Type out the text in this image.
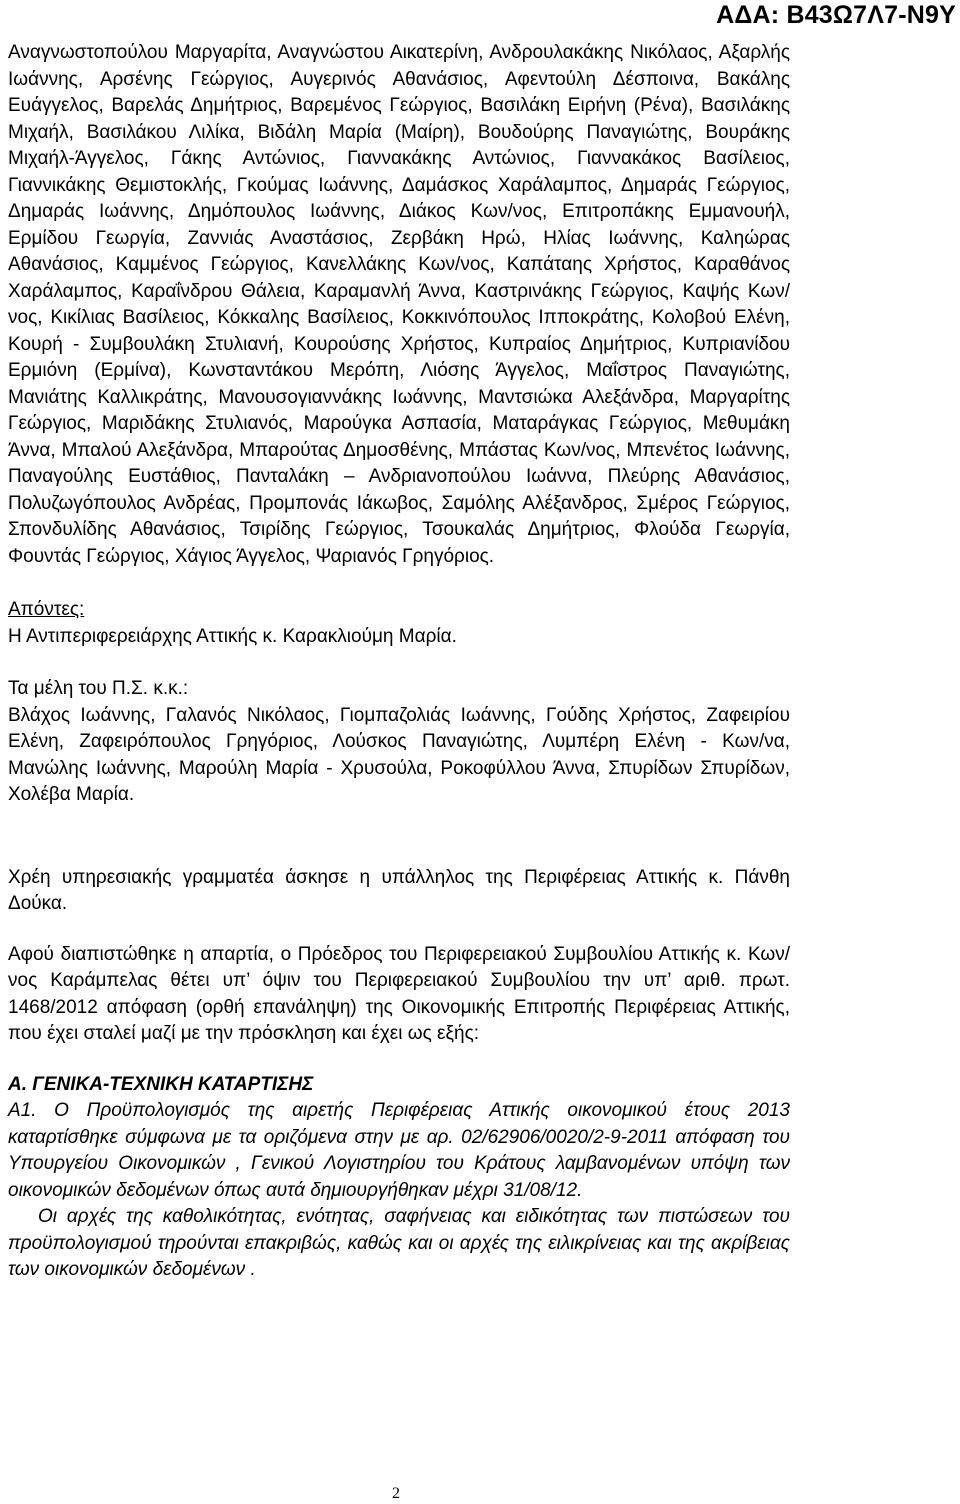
ΑΔΑ: Β43Ω7Λ7-Ν9Υ

Αναγνωστοπούλου Μαργαρίτα, Αναγνώστου Αικατερίνη, Ανδρουλακάκης Νικόλαος, Αξαρλής Ιωάννης, Αρσένης Γεώργιος, Αυγερινός Αθανάσιος, Αφεντούλη Δέσποινα, Βακάλης Ευάγγελος, Βαρελάς Δημήτριος, Βαρεμένος Γεώργιος, Βασιλάκη Ειρήνη (Ρένα), Βασιλάκης Μιχαήλ, Βασιλάκου Λιλίκα, Βιδάλη Μαρία (Μαίρη), Βουδούρης Παναγιώτης, Βουράκης Μιχαήλ-Άγγελος, Γάκης Αντώνιος, Γιαννακάκης Αντώνιος, Γιαννακάκος Βασίλειος, Γιαννικάκης Θεμιστοκλής, Γκούμας Ιωάννης, Δαμάσκος Χαράλαμπος, Δημαράς Γεώργιος, Δημαράς Ιωάννης, Δημόπουλος Ιωάννης, Διάκος Κων/νος, Επιτροπάκης Εμμανουήλ, Ερμίδου Γεωργία, Ζαννιάς Αναστάσιος, Ζερβάκη Ηρώ, Ηλίας Ιωάννης, Καληώρας Αθανάσιος, Καμμένος Γεώργιος, Κανελλάκης Κων/νος, Καπάταης Χρήστος, Καραθάνος Χαράλαμπος, Καραΐνδρου Θάλεια, Καραμανλή Άννα, Καστρινάκης Γεώργιος, Καψής Κων/νος, Κικίλιας Βασίλειος, Κόκκαλης Βασίλειος, Κοκκινόπουλος Ιπποκράτης, Κολοβού Ελένη, Κουρή - Συμβουλάκη Στυλιανή, Κουρούσης Χρήστος, Κυπραίος Δημήτριος, Κυπριανίδου Ερμιόνη (Ερμίνα), Κωνσταντάκου Μερόπη, Λιόσης Άγγελος, Μαΐστρος Παναγιώτης, Μανιάτης Καλλικράτης, Μανουσογιαννάκης Ιωάννης, Μαντσιώκα Αλεξάνδρα, Μαργαρίτης Γεώργιος, Μαριδάκης Στυλιανός, Μαρούγκα Ασπασία, Ματαράγκας Γεώργιος, Μεθυμάκη Άννα, Μπαλού Αλεξάνδρα, Μπαρούτας Δημοσθένης, Μπάστας Κων/νος, Μπενέτος Ιωάννης, Παναγούλης Ευστάθιος, Πανταλάκη – Ανδριανοπούλου Ιωάννα, Πλεύρης Αθανάσιος, Πολυζωγόπουλος Ανδρέας, Προμπονάς Ιάκωβος, Σαμόλης Αλέξανδρος, Σμέρος Γεώργιος, Σπονδυλίδης Αθανάσιος, Τσιρίδης Γεώργιος, Τσουκαλάς Δημήτριος, Φλούδα Γεωργία, Φουντάς Γεώργιος, Χάγιος Άγγελος, Ψαριανός Γρηγόριος.

Απόντες:

Η Αντιπεριφερειάρχης Αττικής κ. Καρακλιούμη Μαρία.

Τα μέλη του Π.Σ. κ.κ.:

Βλάχος Ιωάννης, Γαλανός Νικόλαος, Γιομπαζολιάς Ιωάννης, Γούδης Χρήστος, Ζαφειρίου Ελένη, Ζαφειρόπουλος Γρηγόριος, Λούσκος Παναγιώτης, Λυμπέρη Ελένη - Κων/να, Μανώλης Ιωάννης, Μαρούλη Μαρία - Χρυσούλα, Ροκοφύλλου Άννα, Σπυρίδων Σπυρίδων, Χολέβα Μαρία.

Χρέη υπηρεσιακής γραμματέα άσκησε η υπάλληλος της Περιφέρειας Αττικής κ. Πάνθη Δούκα.

Αφού διαπιστώθηκε η απαρτία, ο Πρόεδρος του Περιφερειακού Συμβουλίου Αττικής κ. Κων/νος Καράμπελας θέτει υπ’ όψιν του Περιφερειακού Συμβουλίου την υπ’ αριθ. πρωτ. 1468/2012 απόφαση (ορθή επανάληψη) της Οικονομικής Επιτροπής Περιφέρειας Αττικής, που έχει σταλεί μαζί με την πρόσκληση και έχει ως εξής:

Α. ΓΕΝΙΚΑ-ΤΕΧΝΙΚΗ ΚΑΤΑΡΤΙΣΗΣ

Α1. Ο Προϋπολογισμός της αιρετής Περιφέρειας Αττικής οικονομικού έτους 2013 καταρτίσθηκε σύμφωνα με τα οριζόμενα στην με αρ. 02/62906/0020/2-9-2011 απόφαση του Υπουργείου Οικονομικών , Γενικού Λογιστηρίου του Κράτους λαμβανομένων υπόψη των οικονομικών δεδομένων όπως αυτά δημιουργήθηκαν μέχρι 31/08/12.

Οι αρχές της καθολικότητας, ενότητας, σαφήνειας και ειδικότητας των πιστώσεων του προϋπολογισμού τηρούνται επακριβώς, καθώς και οι αρχές της ειλικρίνειας και της ακρίβειας των οικονομικών δεδομένων .

2
